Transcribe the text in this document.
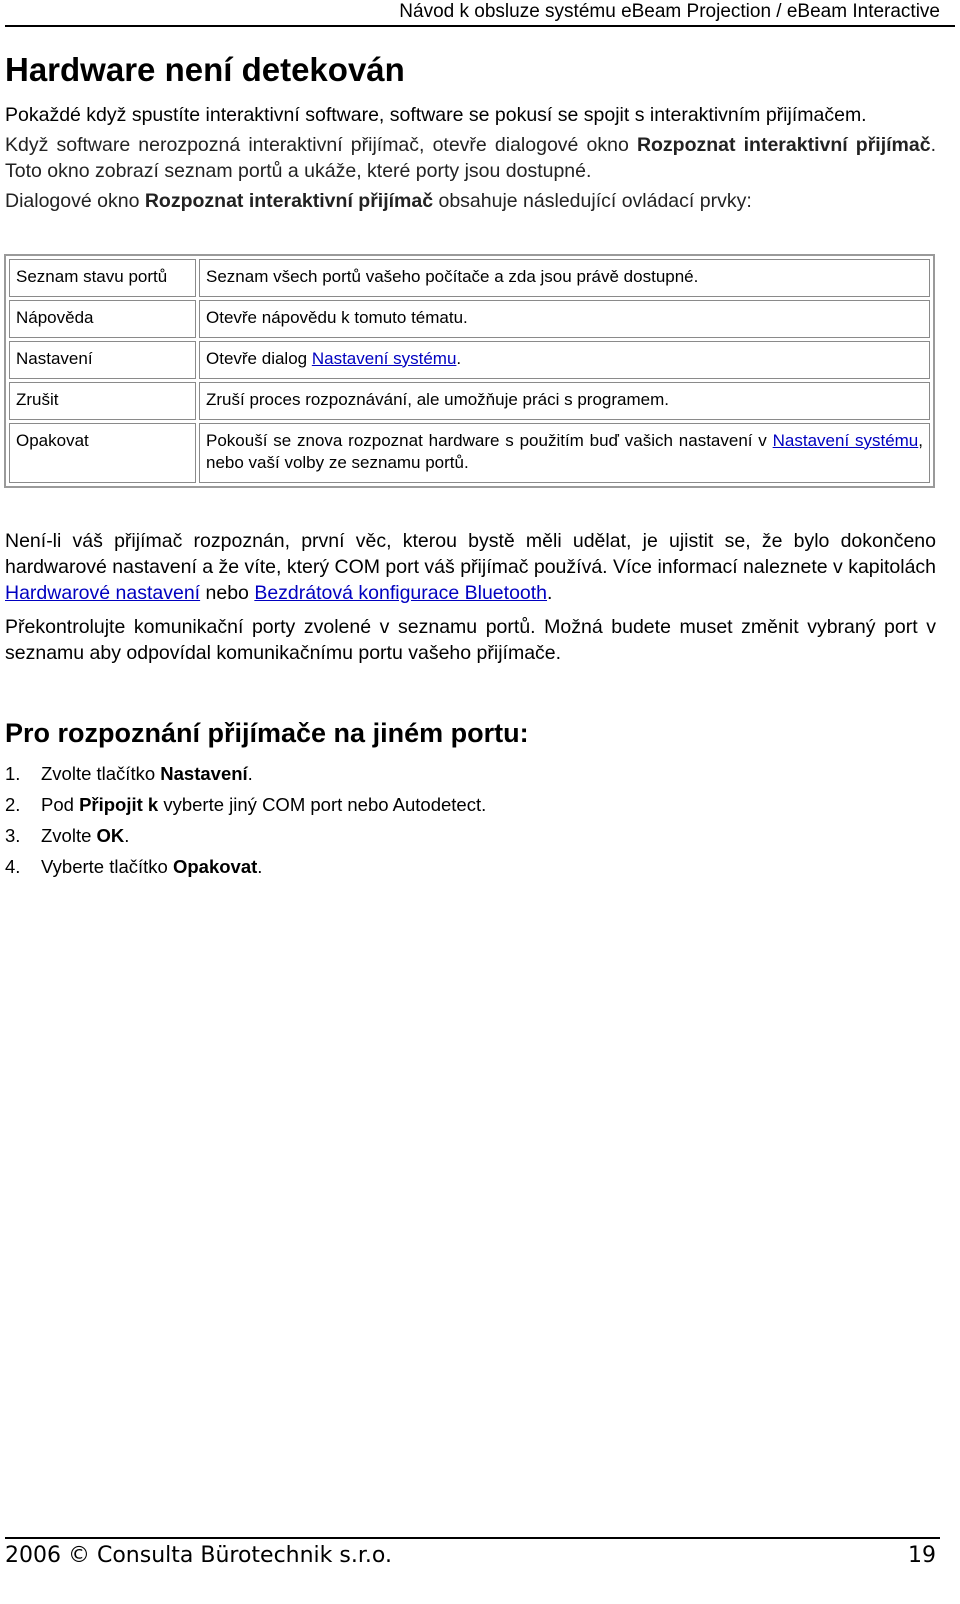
Návod k obsluze systému eBeam Projection / eBeam Interactive
Hardware není detekován

Pokaždé když spustíte interaktivní software, software se pokusí se spojit s interaktivním přijímačem.

Když software nerozpozná interaktivní přijímač, otevře dialogové okno Rozpoznat interaktivní přijímač. Toto okno zobrazí seznam portů a ukáže, které porty jsou dostupné.

Dialogové okno Rozpoznat interaktivní přijímač obsahuje následující ovládací prvky:

Seznam stavu portů	Seznam všech portů vašeho počítače a zda jsou právě dostupné.
Nápověda	Otevře nápovědu k tomuto tématu.
Nastavení	Otevře dialog Nastavení systému.
Zrušit	Zruší proces rozpoznávání, ale umožňuje práci s programem.
Opakovat	Pokouší se znova rozpoznat hardware s použitím buď vašich nastavení v Nastavení systému, nebo vaší volby ze seznamu portů.

Není-li váš přijímač rozpoznán, první věc, kterou bystě měli udělat, je ujistit se, že bylo dokončeno hardwarové nastavení a že víte, který COM port váš přijímač používá. Více informací naleznete v kapitolách Hardwarové nastavení nebo Bezdrátová konfigurace Bluetooth.

Překontrolujte komunikační porty zvolené v seznamu portů. Možná budete muset změnit vybraný port v seznamu aby odpovídal komunikačnímu portu vašeho přijímače.

Pro rozpoznání přijímače na jiném portu:
1. Zvolte tlačítko Nastavení.
2. Pod Připojit k vyberte jiný COM port nebo Autodetect.
3. Zvolte OK.
4. Vyberte tlačítko Opakovat.
2006 © Consulta Bürotechnik s.r.o.	19
